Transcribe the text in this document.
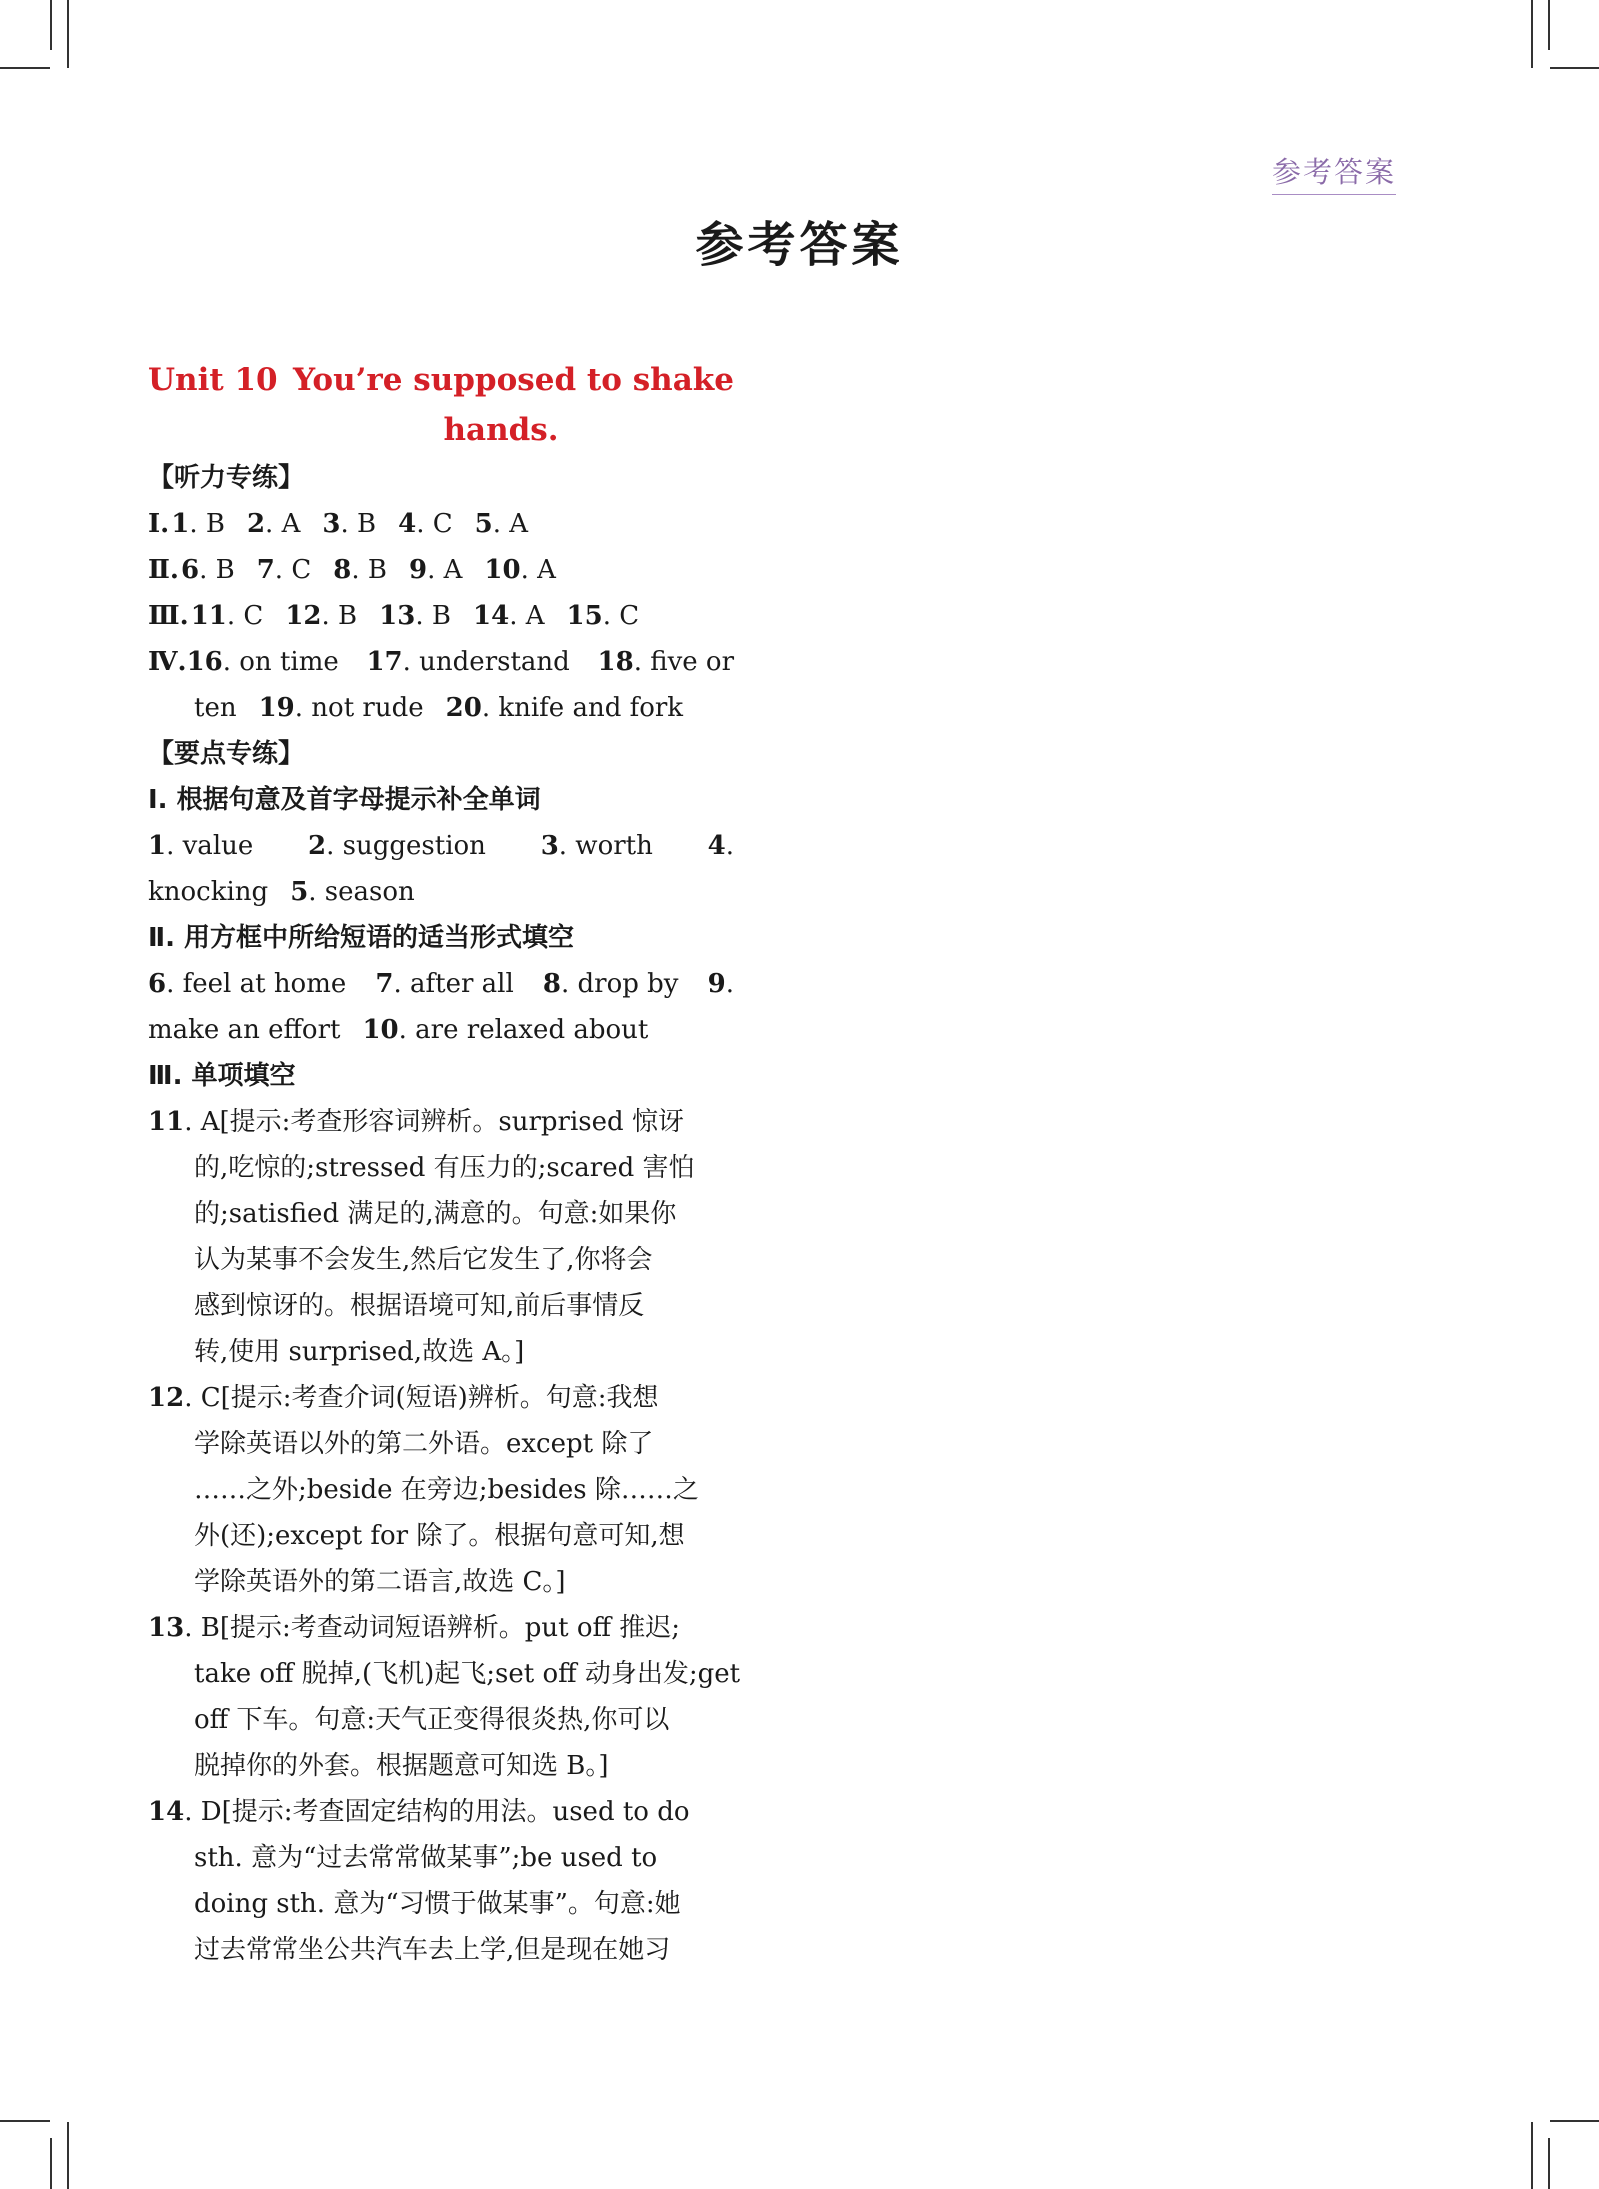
参考答案
参考答案
Unit 10 You’re supposed to shake
hands.
【听力专练】
Ⅰ.1. B 2. A 3. B 4. C 5. A
Ⅱ.6. B 7. C 8. B 9. A 10. A
Ⅲ.11. C 12. B 13. B 14. A 15. C
Ⅳ.16. on time 17. understand 18. five or
ten 19. not rude 20. knife and fork
【要点专练】
Ⅰ. 根据句意及首字母提示补全单词
1. value 2. suggestion 3. worth 4.
knocking 5. season
Ⅱ. 用方框中所给短语的适当形式填空
6. feel at home 7. after all 8. drop by 9.
make an effort 10. are relaxed about
Ⅲ. 单项填空
11. A[提示:考查形容词辨析。surprised 惊讶
的,吃惊的;stressed 有压力的;scared 害怕
的;satisfied 满足的,满意的。句意:如果你
认为某事不会发生,然后它发生了,你将会
感到惊讶的。根据语境可知,前后事情反
转,使用 surprised,故选 A。]
12. C[提示:考查介词(短语)辨析。句意:我想
学除英语以外的第二外语。except 除了
……之外;beside 在旁边;besides 除……之
外(还);except for 除了。根据句意可知,想
学除英语外的第二语言,故选 C。]
13. B[提示:考查动词短语辨析。put off 推迟;
take off 脱掉,(飞机)起飞;set off 动身出发;get
off 下车。句意:天气正变得很炎热,你可以
脱掉你的外套。根据题意可知选 B。]
14. D[提示:考查固定结构的用法。used to do
sth. 意为“过去常常做某事”;be used to
doing sth. 意为“习惯于做某事”。句意:她
过去常常坐公共汽车去上学,但是现在她习
